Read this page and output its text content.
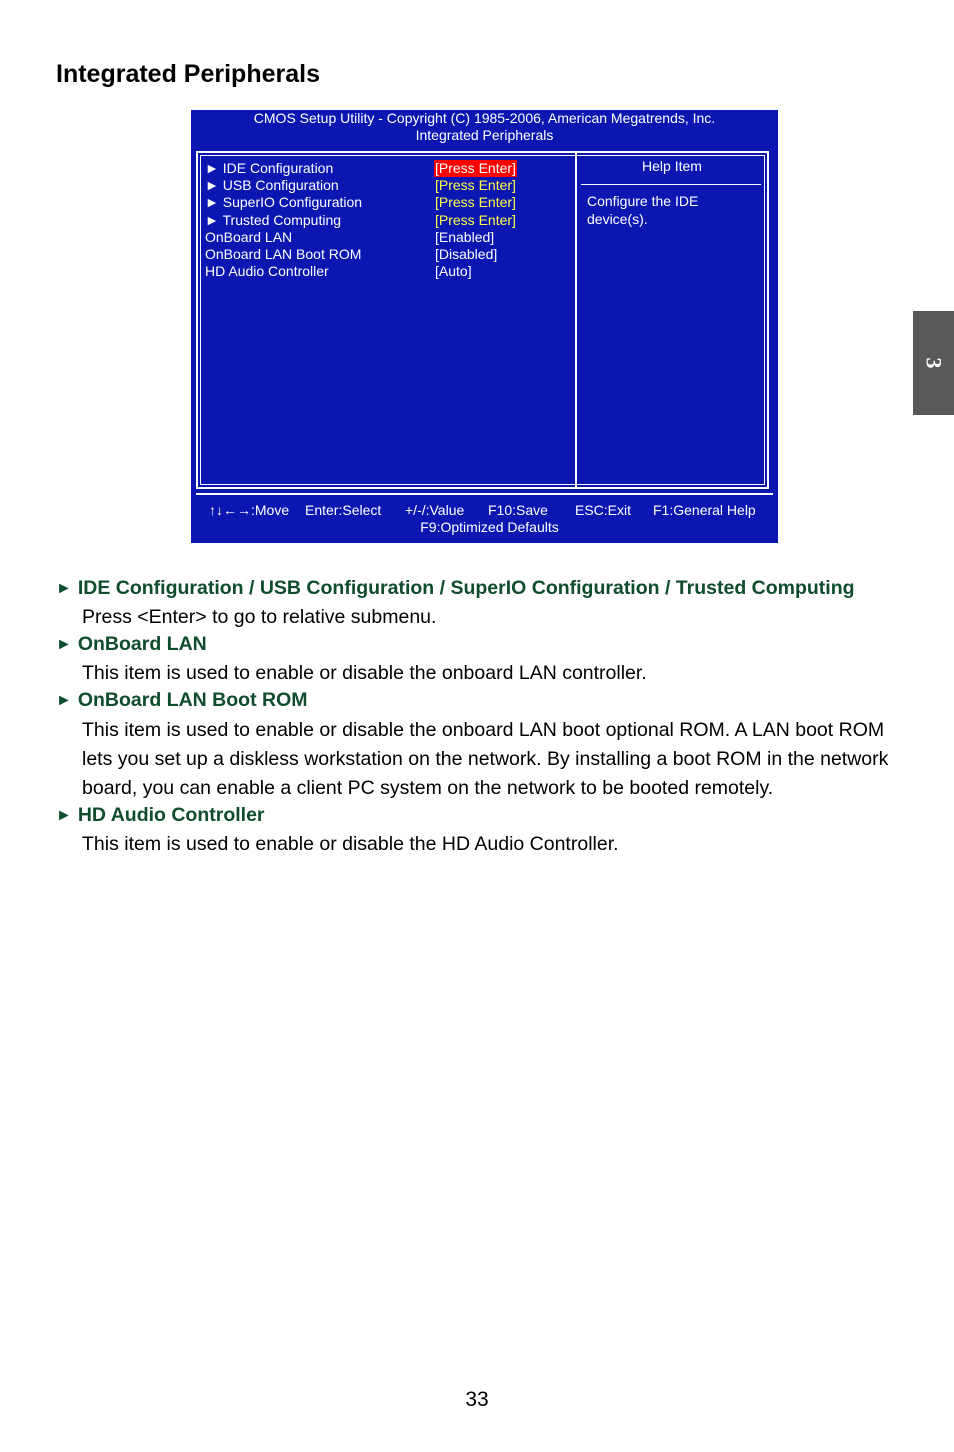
Integrated Peripherals
3
CMOS Setup Utility - Copyright (C) 1985-2006, American Megatrends, Inc.
Integrated Peripherals
► IDE Configuration	[Press Enter]
► USB Configuration	[Press Enter]
► SuperIO Configuration	[Press Enter]
► Trusted Computing	[Press Enter]
OnBoard LAN	[Enabled]
OnBoard LAN Boot ROM	[Disabled]
HD Audio Controller	[Auto]
Help Item
Configure the IDE device(s).
↑↓←→:Move Enter:Select +/-/:Value F10:Save ESC:Exit F1:General Help
F9:Optimized Defaults
► IDE Configuration / USB Configuration / SuperIO Configuration / Trusted Computing
Press <Enter> to go to relative submenu.
► OnBoard LAN
This item is used to enable or disable the onboard LAN controller.
► OnBoard LAN Boot ROM
This item is used to enable or disable the onboard LAN boot optional ROM. A LAN boot ROM lets you set up a diskless workstation on the network. By installing a boot ROM in the network board, you can enable a client PC system on the network to be booted remotely.
► HD Audio Controller
This item is used to enable or disable the HD Audio Controller.
33
